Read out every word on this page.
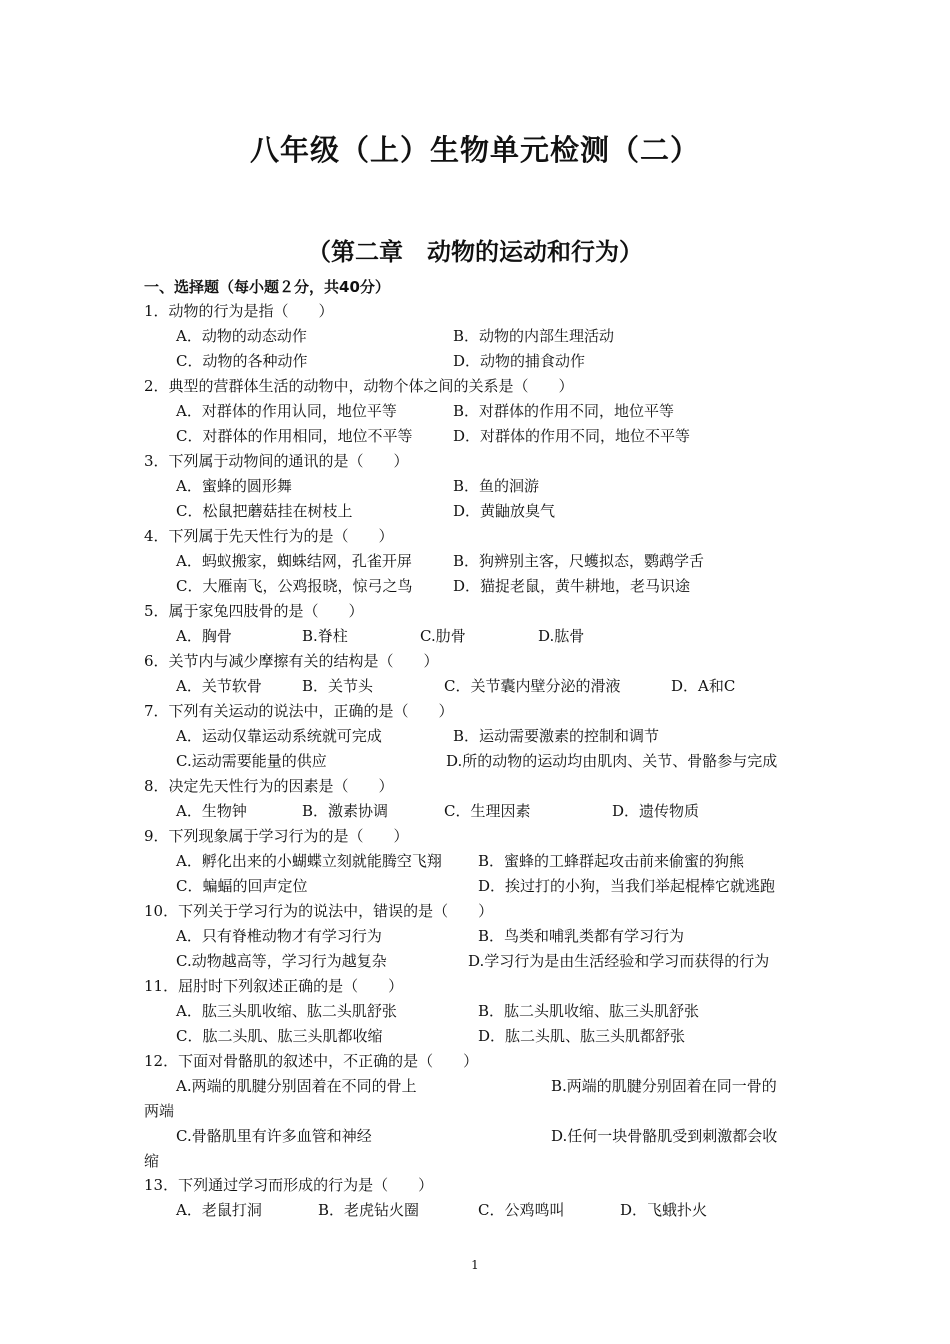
八年级（上）生物单元检测（二）
（第二章　动物的运动和行为）
一、选择题（每小题２分，共40分）
1．动物的行为是指（　　）
A．动物的动态动作	B．动物的内部生理活动
C．动物的各种动作	D．动物的捕食动作
2．典型的营群体生活的动物中，动物个体之间的关系是（　　）
A．对群体的作用认同，地位平等	B．对群体的作用不同，地位平等
C．对群体的作用相同，地位不平等	D．对群体的作用不同，地位不平等
3．下列属于动物间的通讯的是（　　）
A．蜜蜂的圆形舞	B．鱼的洄游
C．松鼠把蘑菇挂在树枝上	D．黄鼬放臭气
4．下列属于先天性行为的是（　　）
A．蚂蚁搬家，蜘蛛结网，孔雀开屏	B．狗辨别主客，尺蠖拟态，鹦鹉学舌
C．大雁南飞，公鸡报晓，惊弓之鸟	D．猫捉老鼠，黄牛耕地，老马识途
5．属于家兔四肢骨的是（　　）
A．胸骨	B.脊柱	C.肋骨	D.肱骨
6．关节内与减少摩擦有关的结构是（　　）
A．关节软骨	B．关节头	C．关节囊内壁分泌的滑液	D．A和C
7．下列有关运动的说法中，正确的是（　　）
A．运动仅靠运动系统就可完成	B．运动需要激素的控制和调节
C.运动需要能量的供应	D.所的动物的运动均由肌肉、关节、骨骼参与完成
8．决定先天性行为的因素是（　　）
A．生物钟	B．激素协调	C．生理因素	D．遗传物质
9．下列现象属于学习行为的是（　　）
A．孵化出来的小蝴蝶立刻就能腾空飞翔 B．蜜蜂的工蜂群起攻击前来偷蜜的狗熊
C．蝙蝠的回声定位	D．挨过打的小狗，当我们举起棍棒它就逃跑
10．下列关于学习行为的说法中，错误的是（　　）
A．只有脊椎动物才有学习行为	B．鸟类和哺乳类都有学习行为
C.动物越高等，学习行为越复杂	D.学习行为是由生活经验和学习而获得的行为
11．屈肘时下列叙述正确的是（　　）
A．肱三头肌收缩、肱二头肌舒张	B．肱二头肌收缩、肱三头肌舒张
C．肱二头肌、肱三头肌都收缩	D．肱二头肌、肱三头肌都舒张
12．下面对骨骼肌的叙述中，不正确的是（　　）
A.两端的肌腱分别固着在不同的骨上	B.两端的肌腱分别固着在同一骨的
两端
C.骨骼肌里有许多血管和神经	D.任何一块骨骼肌受到刺激都会收
缩
13．下列通过学习而形成的行为是（　　）
A．老鼠打洞	B．老虎钻火圈	C．公鸡鸣叫	D．飞蛾扑火
1
